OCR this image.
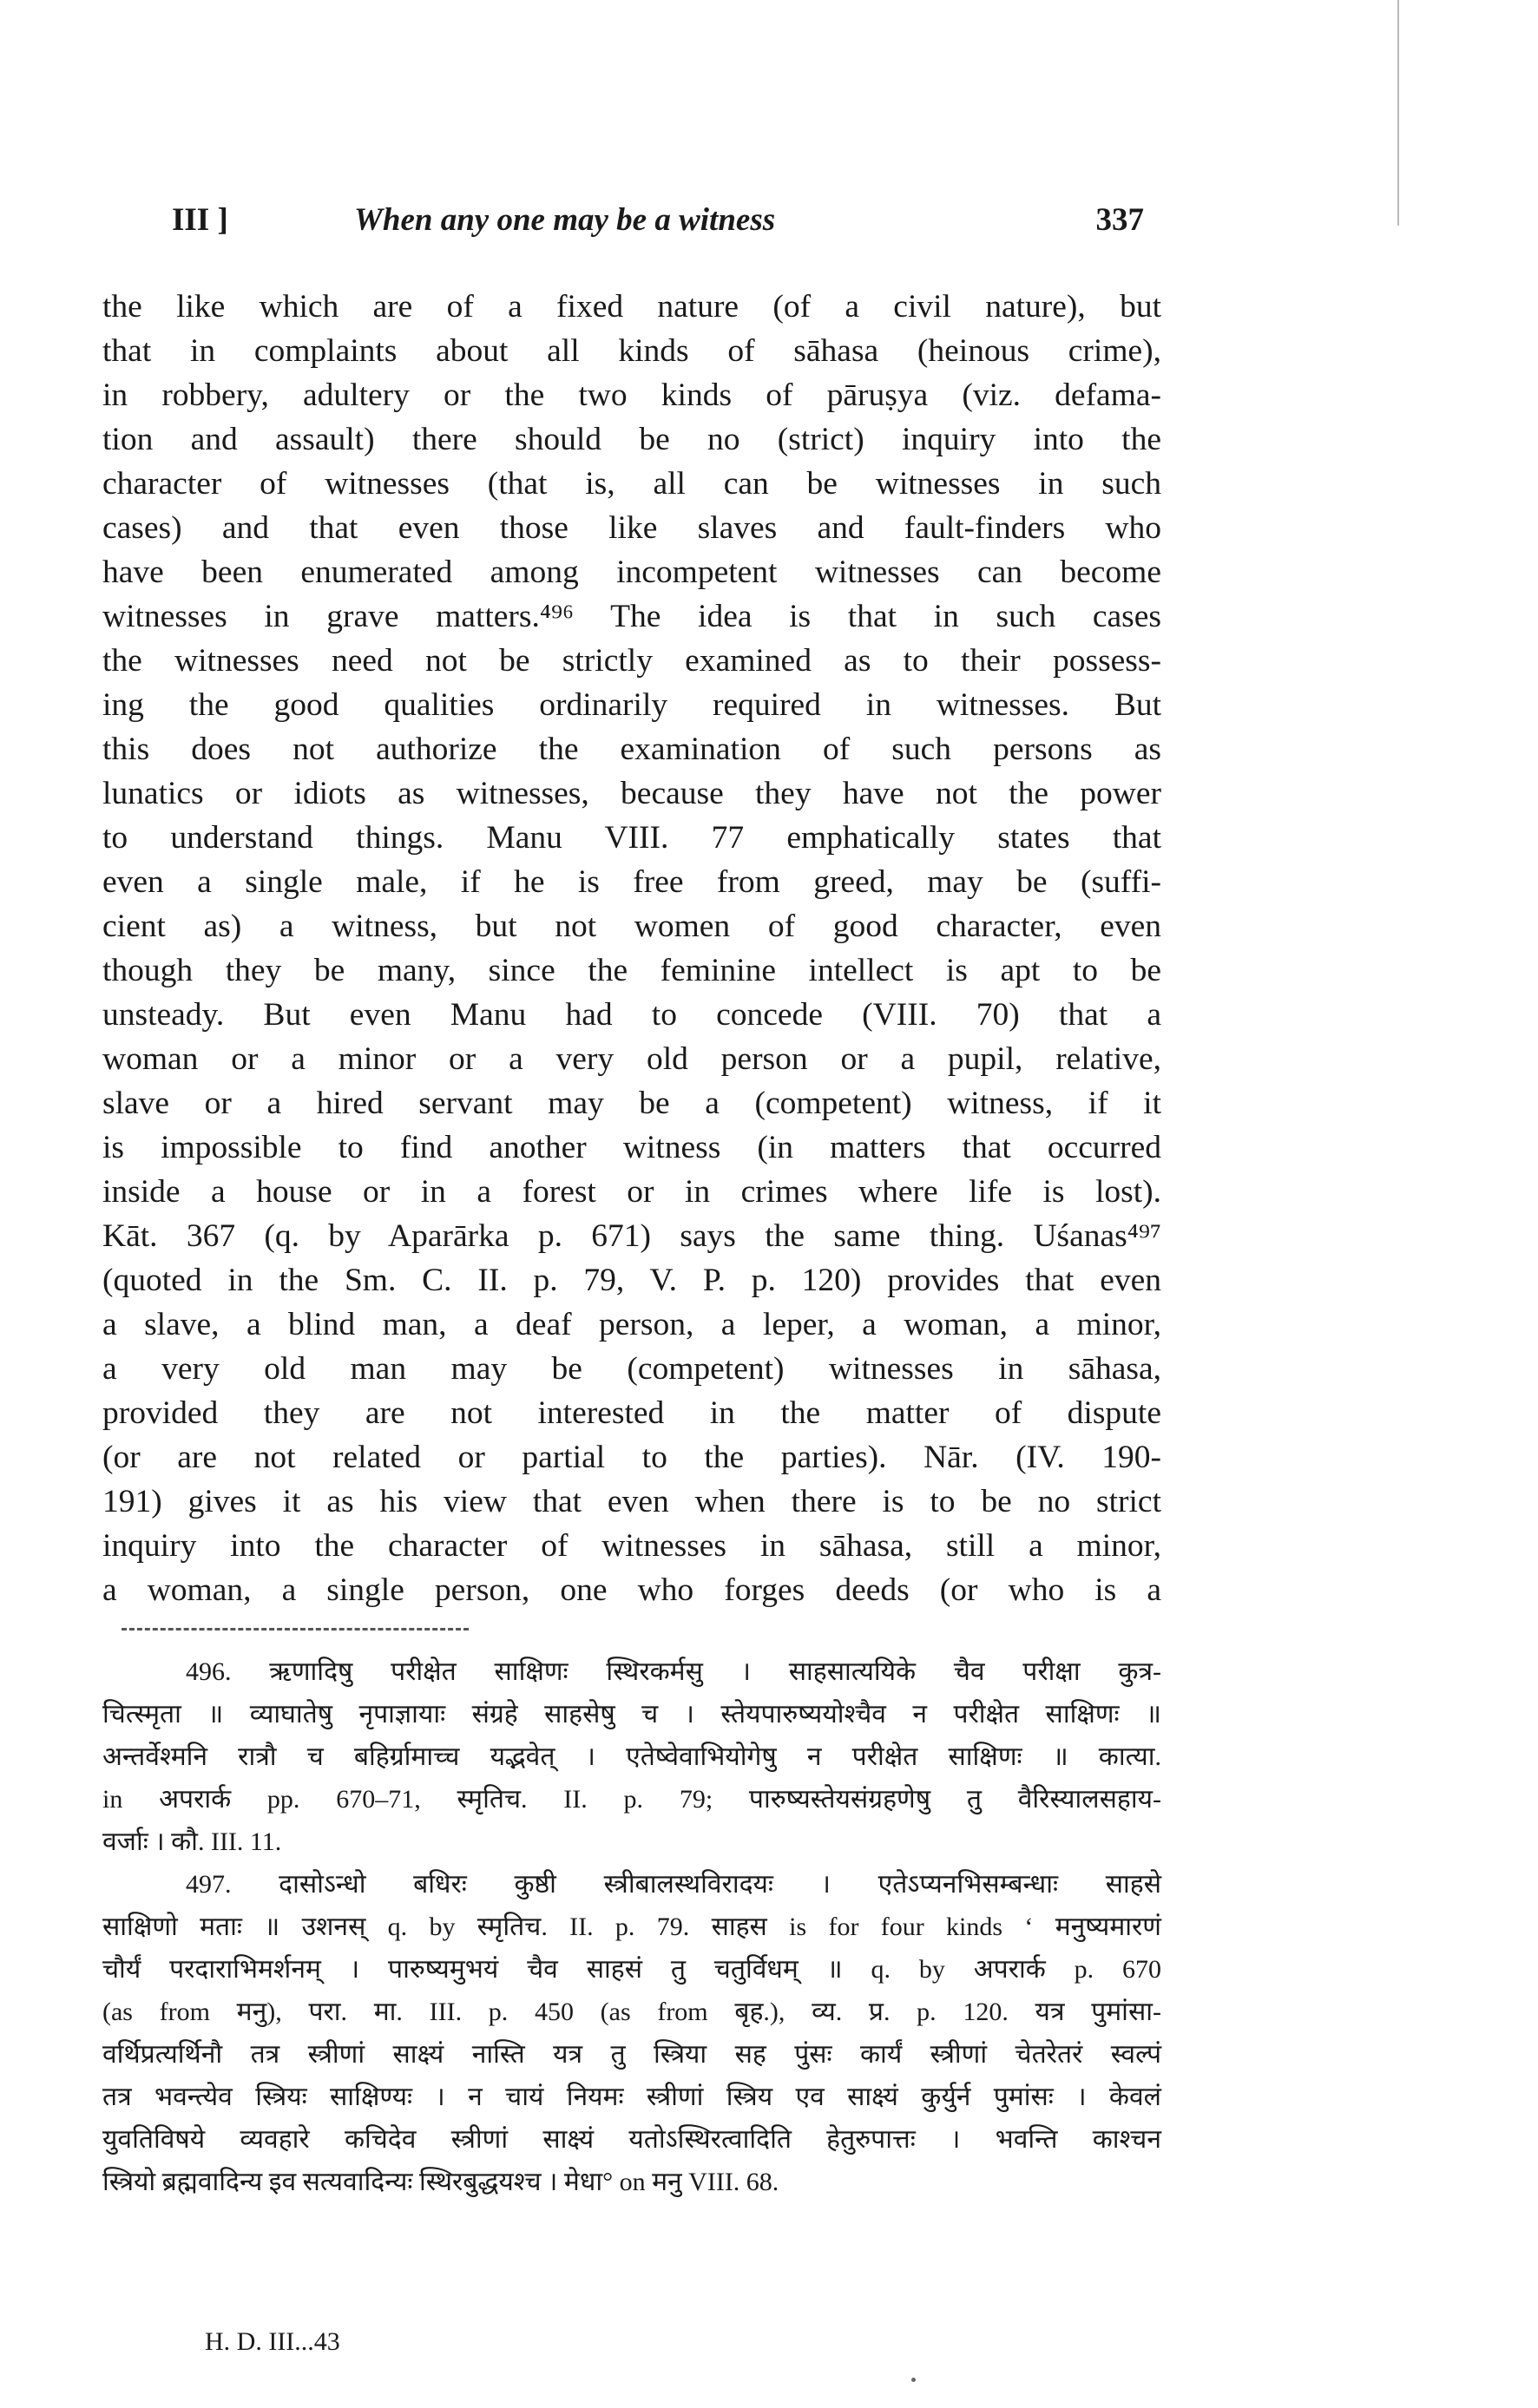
III ]	When any one may be a witness	337
the like which are of a fixed nature (of a civil nature), but
that in complaints about all kinds of sāhasa (heinous crime),
in robbery, adultery or the two kinds of pāruṣya (viz. defama-
tion and assault) there should be no (strict) inquiry into the
character of witnesses (that is, all can be witnesses in such
cases) and that even those like slaves and fault-finders who
have been enumerated among incompetent witnesses can become
witnesses in grave matters.⁴⁹⁶ The idea is that in such cases
the witnesses need not be strictly examined as to their possess-
ing the good qualities ordinarily required in witnesses. But
this does not authorize the examination of such persons as
lunatics or idiots as witnesses, because they have not the power
to understand things. Manu VIII. 77 emphatically states that
even a single male, if he is free from greed, may be (suffi-
cient as) a witness, but not women of good character, even
though they be many, since the feminine intellect is apt to be
unsteady. But even Manu had to concede (VIII. 70) that a
woman or a minor or a very old person or a pupil, relative,
slave or a hired servant may be a (competent) witness, if it
is impossible to find another witness (in matters that occurred
inside a house or in a forest or in crimes where life is lost).
Kāt. 367 (q. by Aparārka p. 671) says the same thing. Uśanas⁴⁹⁷
(quoted in the Sm. C. II. p. 79, V. P. p. 120) provides that even
a slave, a blind man, a deaf person, a leper, a woman, a minor,
a very old man may be (competent) witnesses in sāhasa,
provided they are not interested in the matter of dispute
(or are not related or partial to the parties). Nār. (IV. 190-
191) gives it as his view that even when there is to be no strict
inquiry into the character of witnesses in sāhasa, still a minor,
a woman, a single person, one who forges deeds (or who is a
496. ऋणादिषु परीक्षेत साक्षिणः स्थिरकर्मसु । साहसात्ययिके चैव परीक्षा कुत्र-
चित्स्मृता ॥ व्याघातेषु नृपाज्ञायाः संग्रहे साहसेषु च । स्तेयपारुष्ययोश्चैव न परीक्षेत साक्षिणः ॥
अन्तर्वेश्मनि रात्रौ च बहिर्ग्रामाच्च यद्भवेत् । एतेष्वेवाभियोगेषु न परीक्षेत साक्षिणः ॥ कात्या.
in अपरार्क pp. 670–71, स्मृतिच. II. p. 79; पारुष्यस्तेयसंग्रहणेषु तु वैरिस्यालसहाय-
वर्जाः । कौ. III. 11.
497. दासोऽन्धो बधिरः कुष्ठी स्त्रीबालस्थविरादयः । एतेऽप्यनभिसम्बन्धाः साहसे
साक्षिणो मताः ॥ उशनस् q. by स्मृतिच. II. p. 79. साहस is for four kinds ‘ मनुष्यमारणं
चौर्यं परदाराभिमर्शनम् । पारुष्यमुभयं चैव साहसं तु चतुर्विधम् ॥ q. by अपरार्क p. 670
(as from मनु), परा. मा. III. p. 450 (as from बृह.), व्य. प्र. p. 120. यत्र पुमांसा-
वर्थिप्रत्यर्थिनौ तत्र स्त्रीणां साक्ष्यं नास्ति यत्र तु स्त्रिया सह पुंसः कार्यं स्त्रीणां चेतरेतरं स्वल्पं
तत्र भवन्त्येव स्त्रियः साक्षिण्यः । न चायं नियमः स्त्रीणां स्त्रिय एव साक्ष्यं कुर्युर्न पुमांसः । केवलं
युवतिविषये व्यवहारे कचिदेव स्त्रीणां साक्ष्यं यतोऽस्थिरत्वादिति हेतुरुपात्तः । भवन्ति काश्चन
स्त्रियो ब्रह्मवादिन्य इव सत्यवादिन्यः स्थिरबुद्धयश्च । मेधा° on मनु VIII. 68.
H. D. III...43
